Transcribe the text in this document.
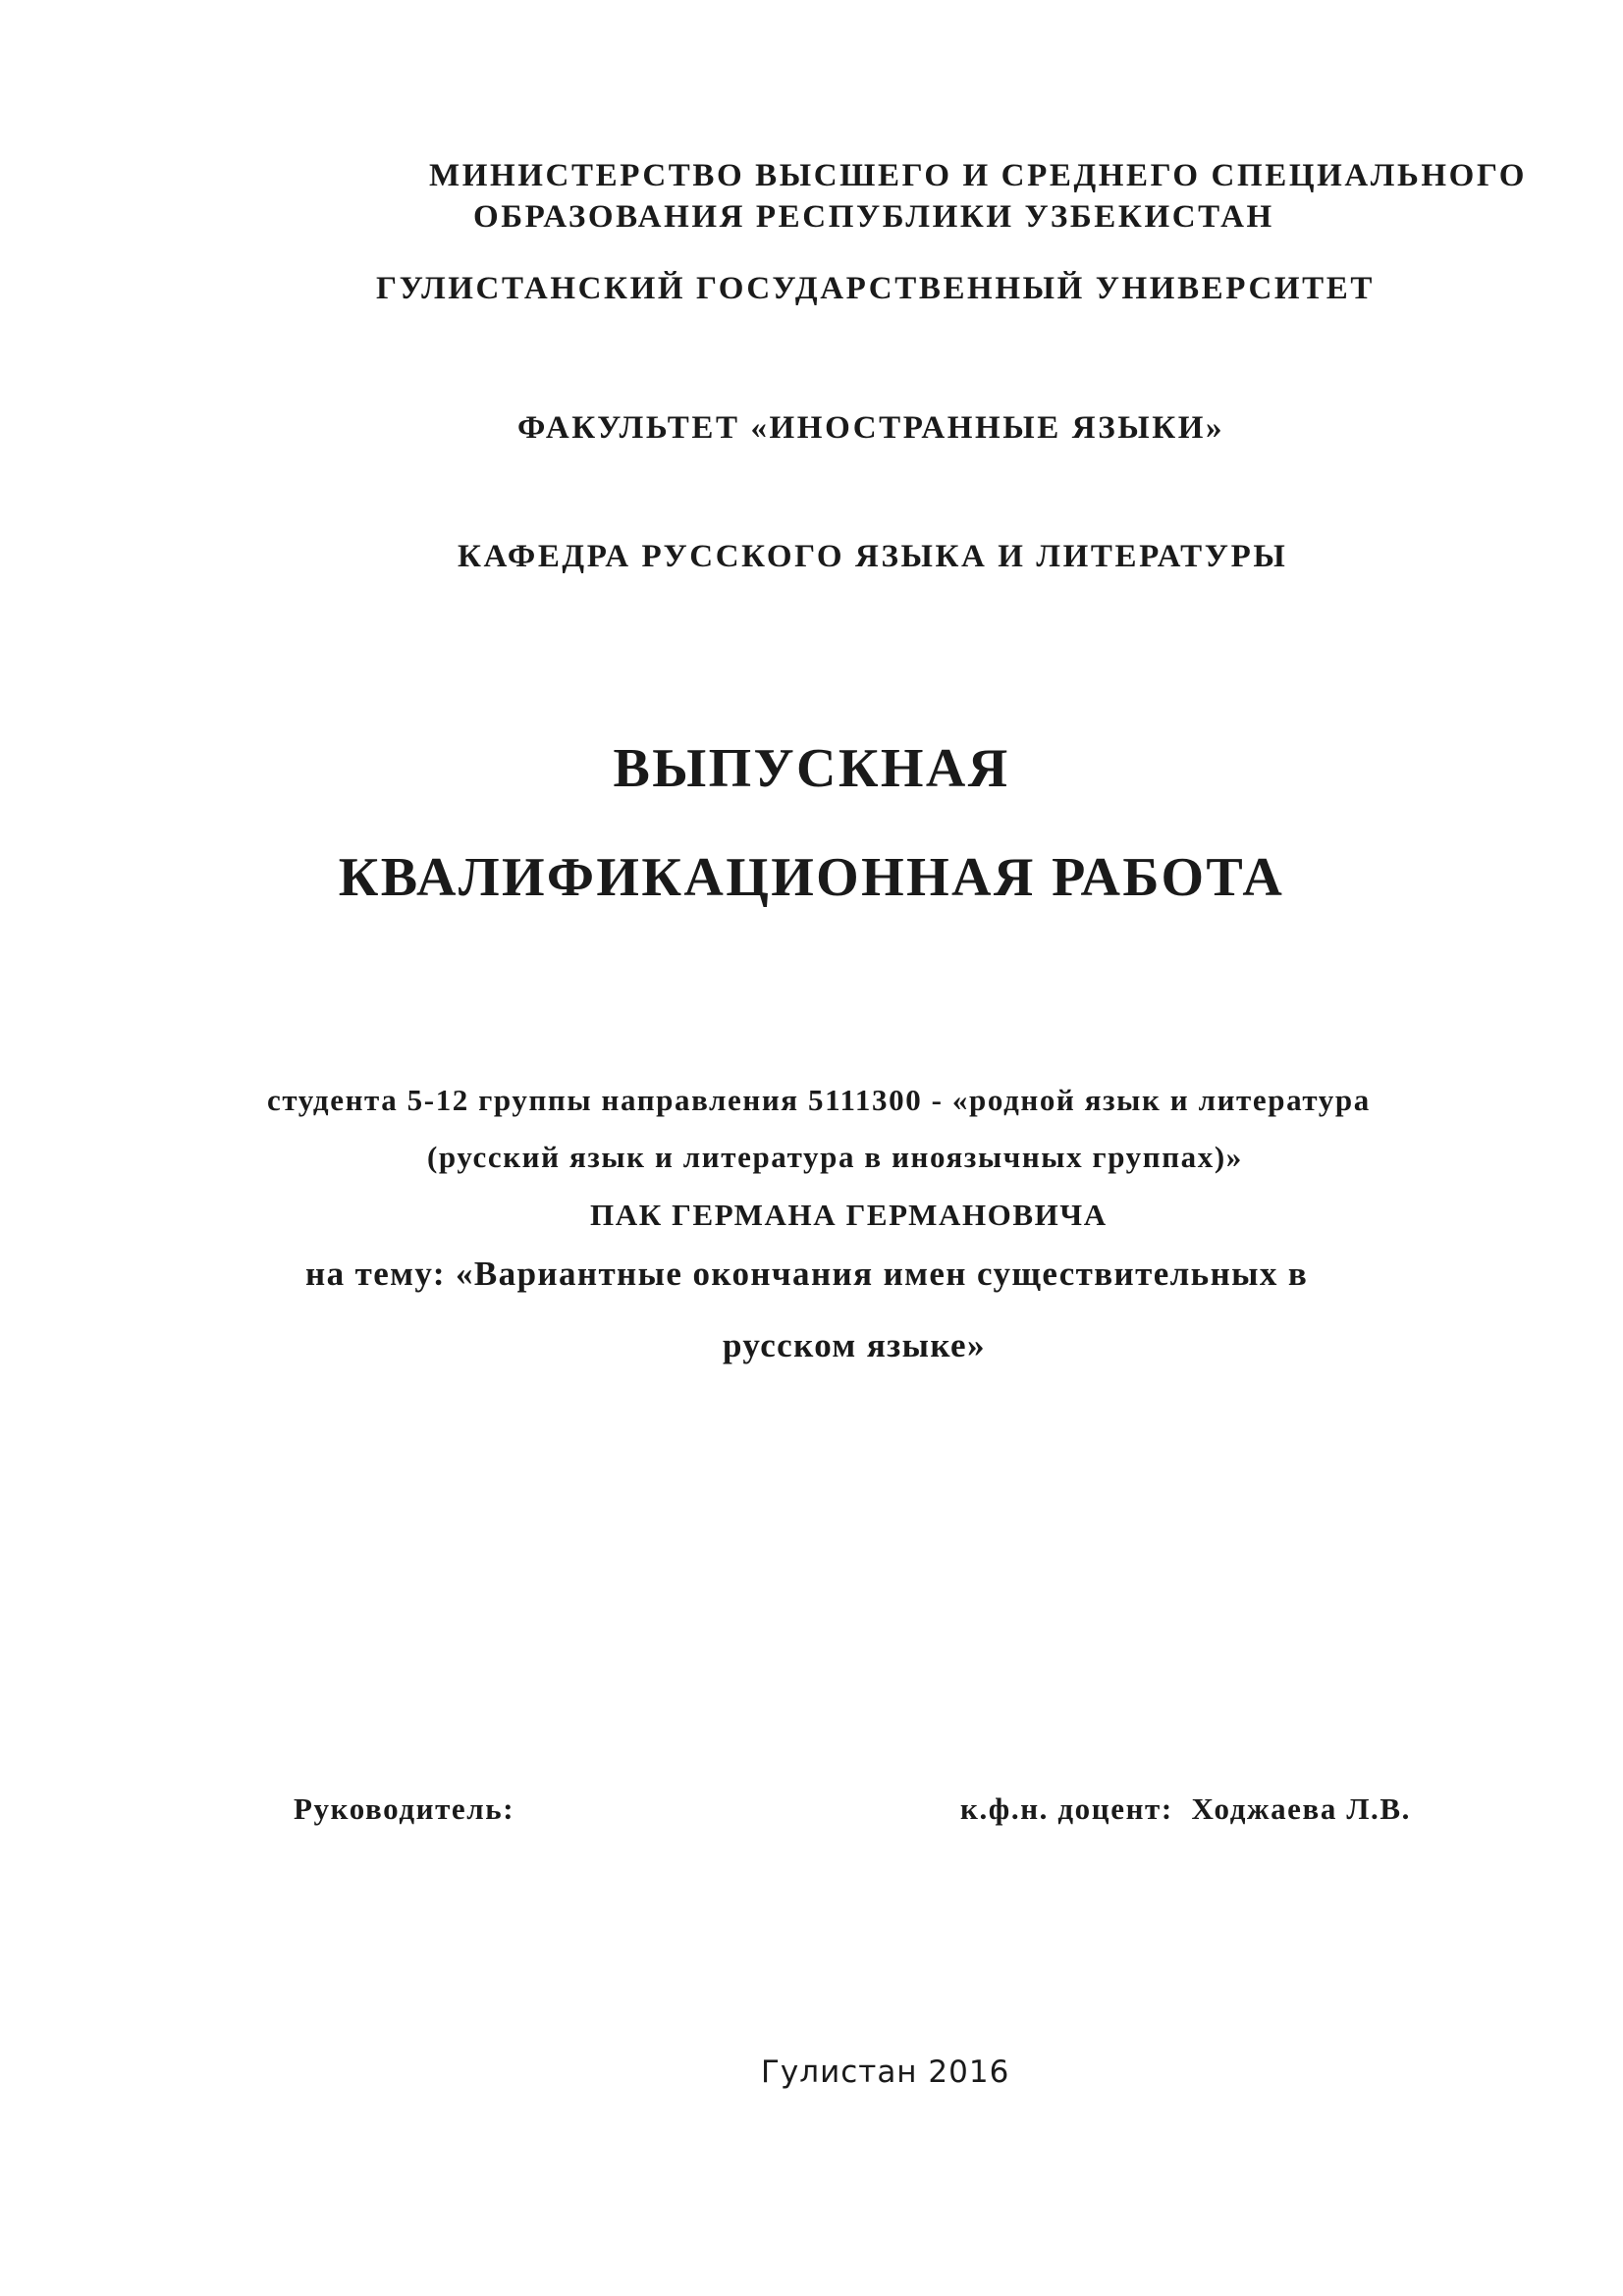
МИНИСТЕРСТВО ВЫСШЕГО И СРЕДНЕГО СПЕЦИАЛЬНОГО
ОБРАЗОВАНИЯ РЕСПУБЛИКИ УЗБЕКИСТАН
ГУЛИСТАНСКИЙ ГОСУДАРСТВЕННЫЙ УНИВЕРСИТЕТ
ФАКУЛЬТЕТ «ИНОСТРАННЫЕ ЯЗЫКИ»
КАФЕДРА РУССКОГО ЯЗЫКА И ЛИТЕРАТУРЫ
ВЫПУСКНАЯ
КВАЛИФИКАЦИОННАЯ РАБОТА
студента 5-12 группы направления 5111300 - «родной язык и литература
(русский язык и литература в иноязычных группах)»
ПАК ГЕРМАНА ГЕРМАНОВИЧА
на тему: «Вариантные окончания имен существительных в
русском языке»
Руководитель:	к.ф.н. доцент:  Ходжаева Л.В.
Гулистан 2016
